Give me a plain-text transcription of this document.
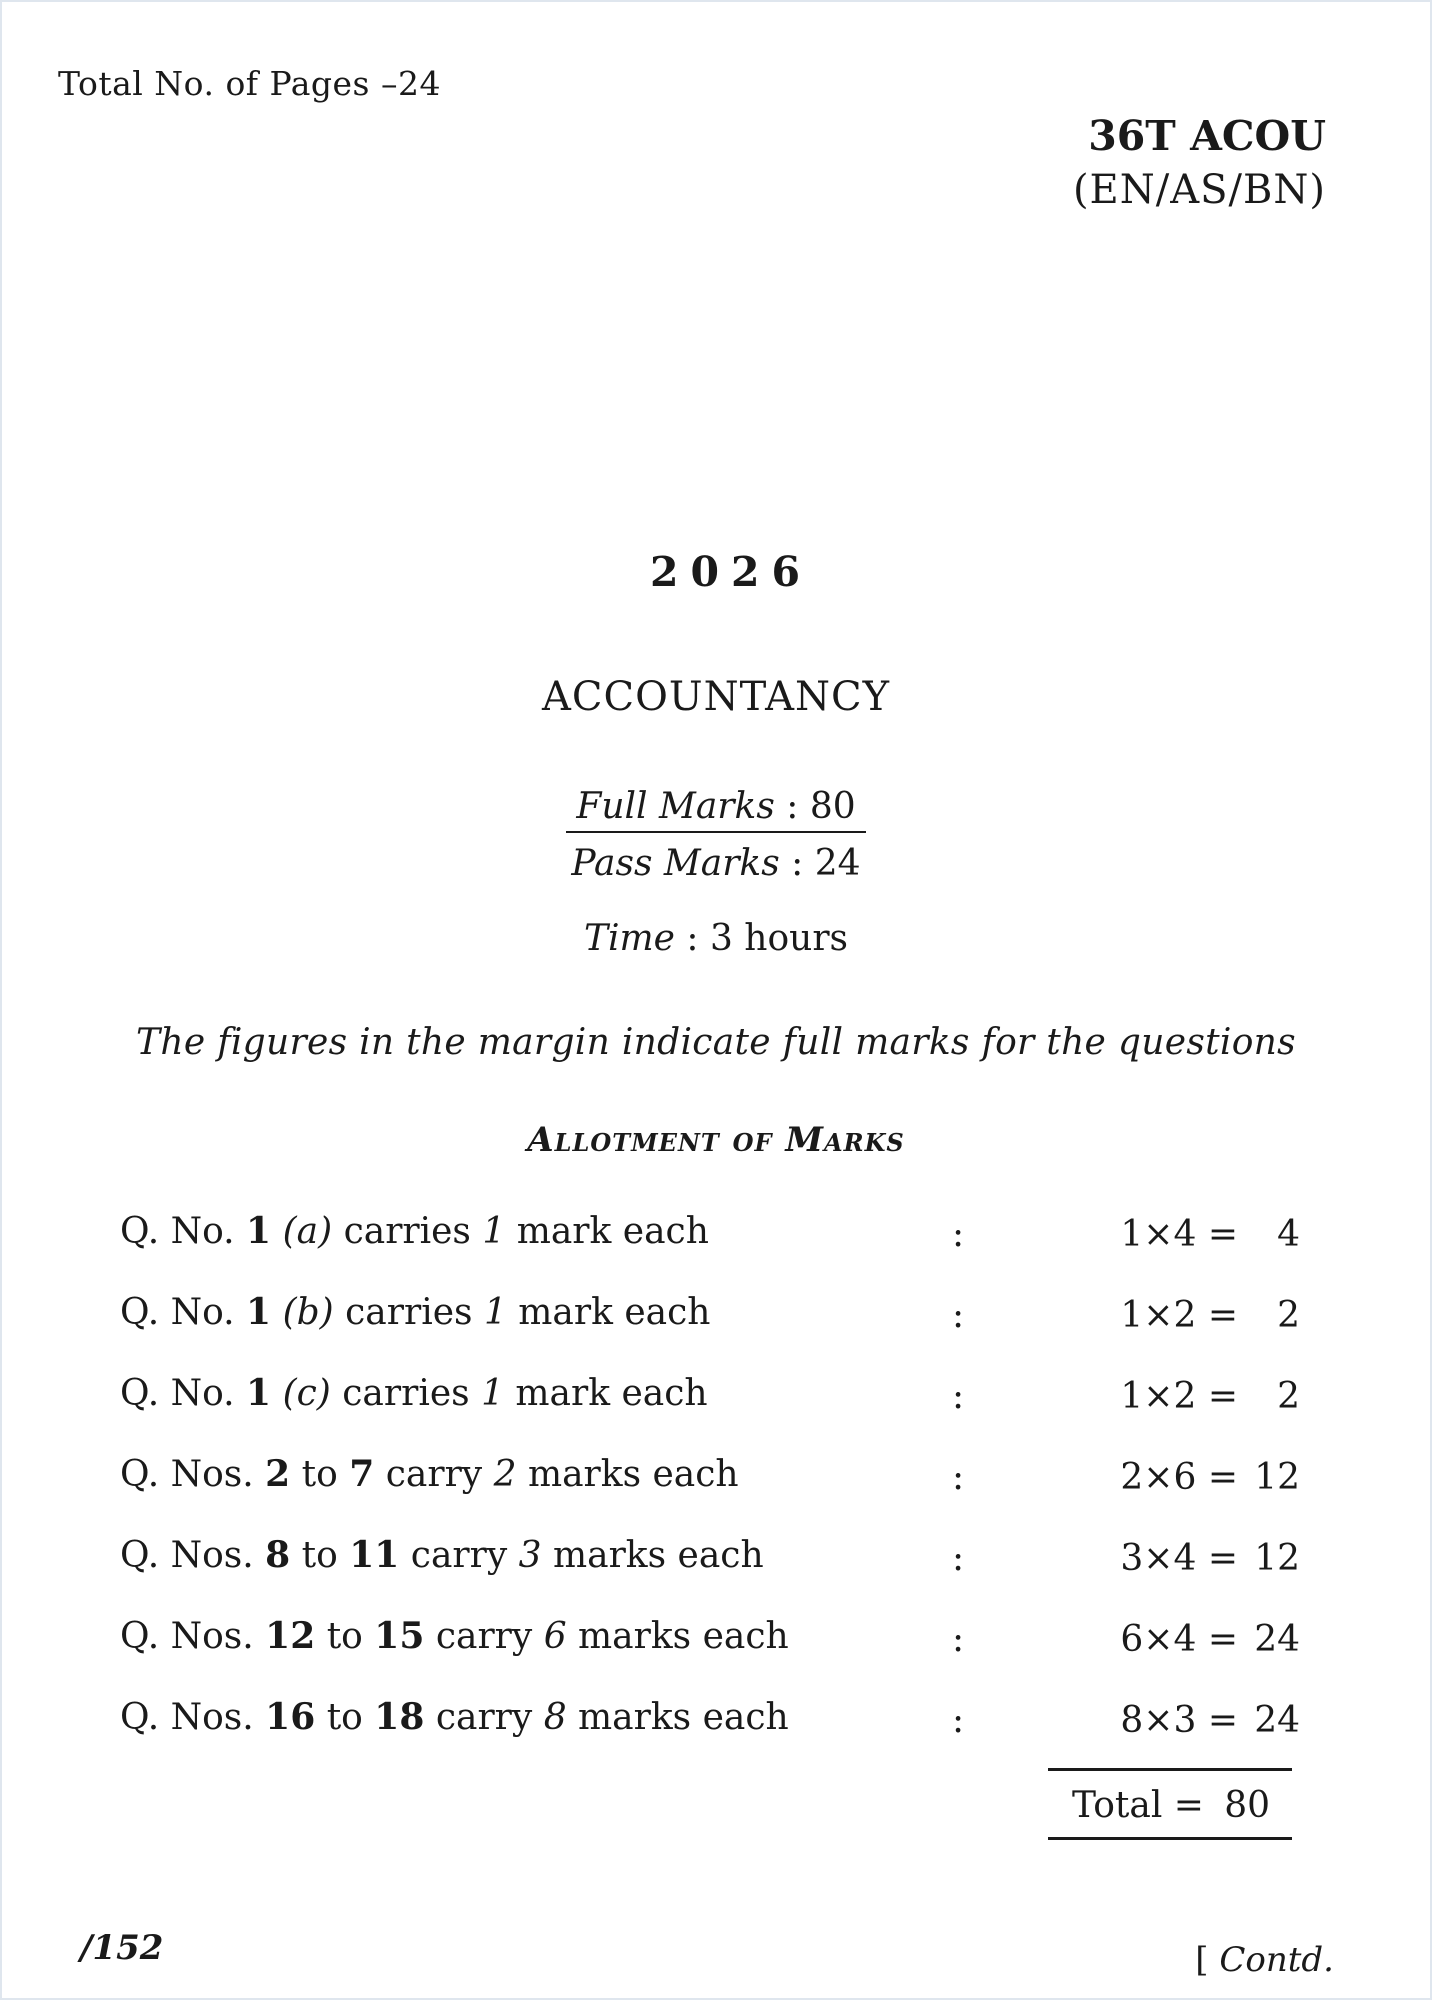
Total No. of Pages –24
36T ACOU
(EN/AS/BN)
2026
ACCOUNTANCY
Full Marks : 80
Pass Marks : 24
Time : 3 hours
The figures in the margin indicate full marks for the questions
Allotment of Marks
Q. No. 1 (a) carries 1 mark each	:	1×4 =	4
Q. No. 1 (b) carries 1 mark each	:	1×2 =	2
Q. No. 1 (c) carries 1 mark each	:	1×2 =	2
Q. Nos. 2 to 7 carry 2 marks each	:	2×6 = 12
Q. Nos. 8 to 11 carry 3 marks each	:	3×4 = 12
Q. Nos. 12 to 15 carry 6 marks each	:	6×4 = 24
Q. Nos. 16 to 18 carry 8 marks each	:	8×3 = 24
Total = 80
/152	[ Contd.
